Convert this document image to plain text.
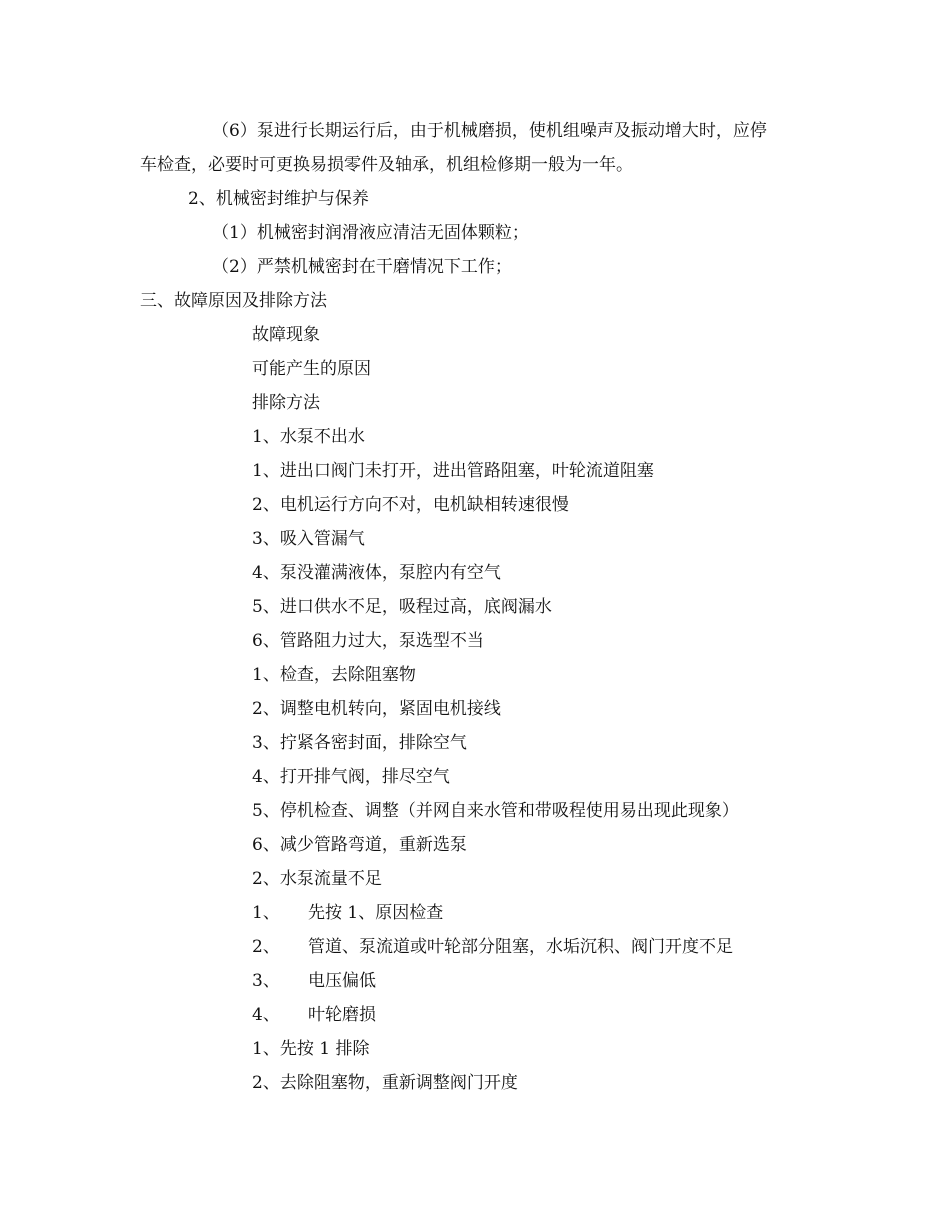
（6）泵进行长期运行后，由于机械磨损，使机组噪声及振动增大时，应停

车检查，必要时可更换易损零件及轴承，机组检修期一般为一年。

2、机械密封维护与保养

（1）机械密封润滑液应清洁无固体颗粒；

（2）严禁机械密封在干磨情况下工作；

三、故障原因及排除方法

故障现象

可能产生的原因

排除方法

1、水泵不出水

1、进出口阀门未打开，进出管路阻塞，叶轮流道阻塞

2、电机运行方向不对，电机缺相转速很慢

3、吸入管漏气

4、泵没灌满液体，泵腔内有空气

5、进口供水不足，吸程过高，底阀漏水

6、管路阻力过大，泵选型不当

1、检查，去除阻塞物

2、调整电机转向，紧固电机接线

3、拧紧各密封面，排除空气

4、打开排气阀，排尽空气

5、停机检查、调整（并网自来水管和带吸程使用易出现此现象）

6、减少管路弯道，重新选泵

2、水泵流量不足

1、 先按 1、原因检查

2、 管道、泵流道或叶轮部分阻塞，水垢沉积、阀门开度不足

3、 电压偏低

4、 叶轮磨损

1、先按 1 排除

2、去除阻塞物，重新调整阀门开度
